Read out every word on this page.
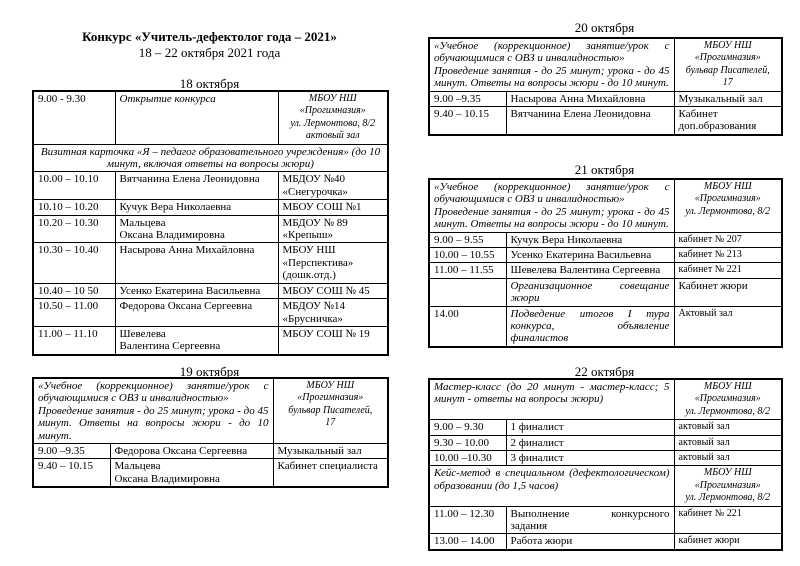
Конкурс «Учитель-дефектолог года – 2021»
18 – 22 октября 2021 года
18 октября
9.00 - 9.30	Открытие конкурса	МБОУ НШ
«Прогимназия»
ул. Лермонтова, 8/2
актовый зал
Визитная карточка «Я – педагог образовательного учреждения» (до 10 минут, включая ответы на вопросы жюри)		
10.00 – 10.10	Вятчанина Елена Леонидовна	МБДОУ №40
«Снегурочка»
10.10 – 10.20	Кучук Вера Николаевна	МБОУ СОШ №1
10.20 – 10.30	Мальцева
Оксана Владимировна	МБДОУ № 89
«Крепыш»
10.30 – 10.40	Насырова Анна Михайловна	МБОУ НШ
«Перспектива»
(дошк.отд.)
10.40 – 10 50	Усенко Екатерина Васильевна	МБОУ СОШ № 45
10.50 – 11.00	Федорова Оксана Сергеевна	МБДОУ №14
«Брусничка»
11.00 – 11.10	Шевелева
Валентина Сергеевна	МБОУ СОШ № 19
19 октября
«Учебное (коррекционное) занятие/урок с обучающимися с ОВЗ и инвалидностью»
Проведение занятия - до 25 минут; урока - до 45 минут. Ответы на вопросы жюри - до 10 минут.		МБОУ НШ
«Прогимназия»
бульвар Писателей,
17
9.00 –9.35	Федорова Оксана Сергеевна	Музыкальный зал
9.40 – 10.15	Мальцева
Оксана Владимировна	Кабинет специалиста
20 октября
«Учебное (коррекционное) занятие/урок с обучающимися с ОВЗ и инвалидностью»
Проведение занятия - до 25 минут; урока - до 45 минут. Ответы на вопросы жюри - до 10 минут.		МБОУ НШ
«Прогимназия»
бульвар Писателей,
17
9.00 –9.35	Насырова Анна Михайловна	Музыкальный зал
9.40 – 10.15	Вятчанина Елена Леонидовна	Кабинет
доп.образования
21 октября
«Учебное (коррекционное) занятие/урок с обучающимися с ОВЗ и инвалидностью»
Проведение занятия - до 25 минут; урока - до 45 минут. Ответы на вопросы жюри - до 10 минут.		МБОУ НШ
«Прогимназия»
ул. Лермонтова, 8/2
9.00 – 9.55	Кучук Вера Николаевна	кабинет № 207
10.00 – 10.55	Усенко Екатерина Васильевна	кабинет № 213
11.00 – 11.55	Шевелева Валентина Сергеевна	кабинет № 221
	Организационное совещание жюри	Кабинет жюри
14.00	Подведение итогов I тура конкурса, объявление финалистов	Актовый зал
22 октября
Мастер-класс (до 20 минут - мастер-класс; 5 минут - ответы на вопросы жюри)		МБОУ НШ
«Прогимназия»
ул. Лермонтова, 8/2
9.00 – 9.30	1 финалист	актовый зал
9.30 – 10.00	2 финалист	актовый зал
10.00 –10.30	3 финалист	актовый зал
Кейс-метод в специальном (дефектологическом) образовании (до 1,5 часов)		МБОУ НШ
«Прогимназия»
ул. Лермонтова, 8/2
11.00 – 12.30	Выполнение конкурсного задания	кабинет № 221
13.00 – 14.00	Работа жюри	кабинет жюри
